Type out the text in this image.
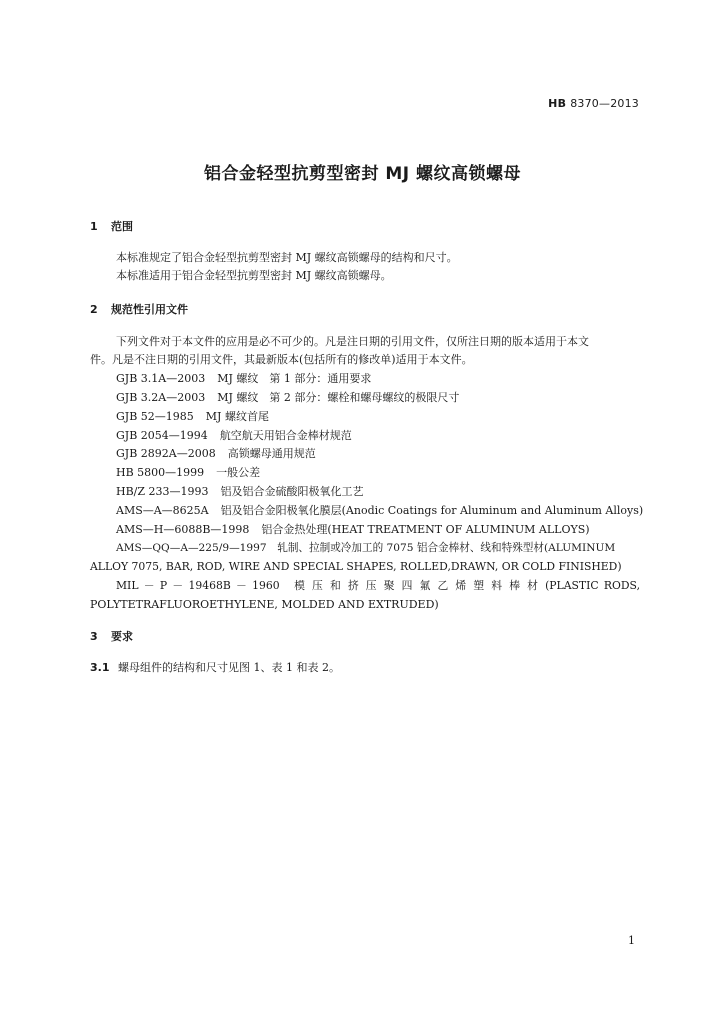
HB 8370—2013
铝合金轻型抗剪型密封 MJ 螺纹高锁螺母
1 范围
本标准规定了铝合金轻型抗剪型密封 MJ 螺纹高锁螺母的结构和尺寸。
本标准适用于铝合金轻型抗剪型密封 MJ 螺纹高锁螺母。
2 规范性引用文件
下列文件对于本文件的应用是必不可少的。凡是注日期的引用文件，仅所注日期的版本适用于本文
件。凡是不注日期的引用文件，其最新版本(包括所有的修改单)适用于本文件。
GJB 3.1A—2003 MJ 螺纹　第 1 部分：通用要求
GJB 3.2A—2003 MJ 螺纹　第 2 部分：螺栓和螺母螺纹的极限尺寸
GJB 52—1985 MJ 螺纹首尾
GJB 2054—1994 航空航天用铝合金棒材规范
GJB 2892A—2008 高锁螺母通用规范
HB 5800—1999 一般公差
HB/Z 233—1993 铝及铝合金硫酸阳极氧化工艺
AMS—A—8625A 铝及铝合金阳极氧化膜层(Anodic Coatings for Aluminum and Aluminum Alloys)
AMS—H—6088B—1998 铝合金热处理(HEAT TREATMENT OF ALUMINUM ALLOYS)
AMS—QQ—A—225/9—1997　轧制、拉制或冷加工的 7075 铝合金棒材、线和特殊型材(ALUMINUM
ALLOY 7075, BAR, ROD, WIRE AND SPECIAL SHAPES, ROLLED,DRAWN, OR COLD FINISHED)
MIL － P － 19468B － 1960　模 压 和 挤 压 聚 四 氟 乙 烯 塑 料 棒 材 (PLASTIC RODS,
POLYTETRAFLUOROETHYLENE, MOLDED AND EXTRUDED)
3 要求
3.1 螺母组件的结构和尺寸见图 1、表 1 和表 2。
1
